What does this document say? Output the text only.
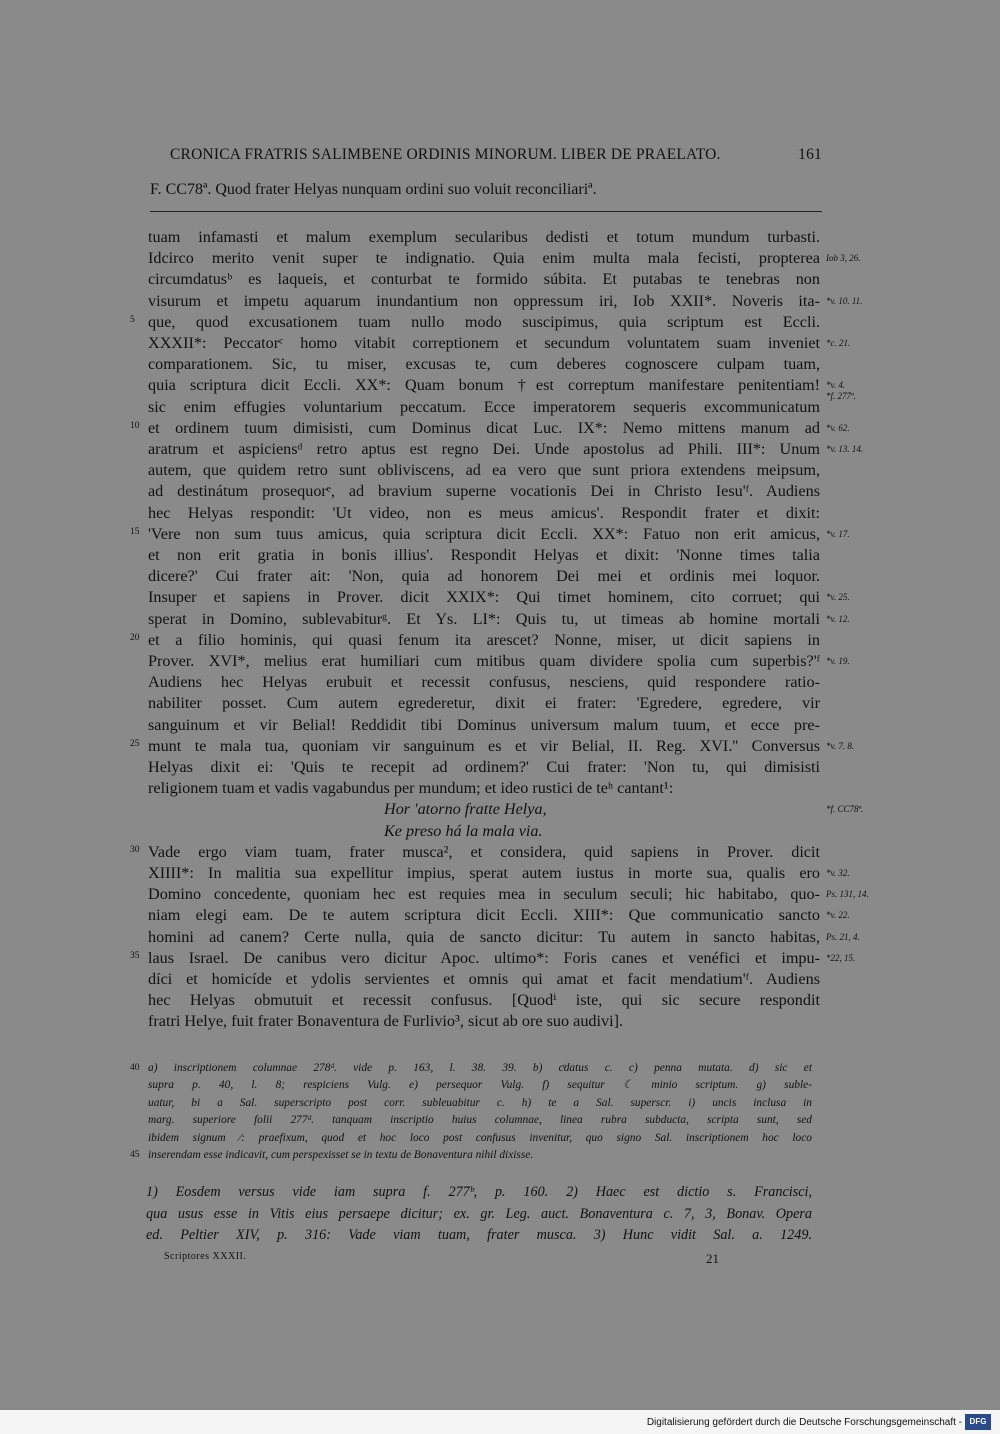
CRONICA FRATRIS SALIMBENE ORDINIS MINORUM. LIBER DE PRAELATO.	161
F. CC78ª. Quod frater Helyas nunquam ordini suo voluit reconciliariª.
tuam infamasti et malum exemplum secularibus dedisti et totum mundum turbasti.
Idcirco merito venit super te indignatio. Quia enim multa mala fecisti, propterea
circumdatusᵇ es laqueis, et conturbat te formido súbita. Et putabas te tenebras non
visurum et impetu aquarum inundantium non oppressum iri, Iob XXII*. Noveris ita-
que, quod excusationem tuam nullo modo suscipimus, quia scriptum est Eccli.
XXXII*: Peccatorᶜ homo vitabit correptionem et secundum voluntatem suam inveniet
comparationem. Sic, tu miser, excusas te, cum deberes cognoscere culpam tuam,
quia scriptura dicit Eccli. XX*: Quam bonum †est correptum manifestare penitentiam!
sic enim effugies voluntarium peccatum. Ecce imperatorem sequeris excommunicatum
et ordinem tuum dimisisti, cum Dominus dicat Luc. IX*: Nemo mittens manum ad
aratrum et aspiciensᵈ retro aptus est regno Dei. Unde apostolus ad Phili. III*: Unum
autem, que quidem retro sunt obliviscens, ad ea vero que sunt priora extendens meipsum,
ad destinátum prosequorᵉ, ad bravium superne vocationis Dei in Christo Iesu'ᶠ. Audiens
hec Helyas respondit: 'Ut video, non es meus amicus'. Respondit frater et dixit:
'Vere non sum tuus amicus, quia scriptura dicit Eccli. XX*: Fatuo non erit amicus,
et non erit gratia in bonis illius'. Respondit Helyas et dixit: 'Nonne times talia
dicere?' Cui frater ait: 'Non, quia ad honorem Dei mei et ordinis mei loquor.
Insuper et sapiens in Prover. dicit XXIX*: Qui timet hominem, cito corruet; qui
sperat in Domino, sublevabiturᵍ. Et Ys. LI*: Quis tu, ut timeas ab homine mortali
et a filio hominis, qui quasi fenum ita arescet? Nonne, miser, ut dicit sapiens in
Prover. XVI*, melius erat humiliari cum mitibus quam dividere spolia cum superbis?'ᶠ
Audiens hec Helyas erubuit et recessit confusus, nesciens, quid respondere ratio-
nabiliter posset. Cum autem egrederetur, dixit ei frater: 'Egredere, egredere, vir
sanguinum et vir Belial! Reddidit tibi Dominus universum malum tuum, et ecce pre-
munt te mala tua, quoniam vir sanguinum es et vir Belial, II. Reg. XVI.'' Conversus
Helyas dixit ei: 'Quis te recepit ad ordinem?' Cui frater: 'Non tu, qui dimisisti
religionem tuam et vadis vagabundus per mundum; et ideo rustici de teʰ cantant¹:
Hor 'atorno fratte Helya,
Ke preso há la mala via.
Vade ergo viam tuam, frater musca², et considera, quid sapiens in Prover. dicit
XIIII*: In malitia sua expellitur impius, sperat autem iustus in morte sua, qualis ero
Domino concedente, quoniam hec est requies mea in seculum seculi; hic habitabo, quo-
niam elegi eam. De te autem scriptura dicit Eccli. XIII*: Que communicatio sancto
homini ad canem? Certe nulla, quia de sancto dicitur: Tu autem in sancto habitas,
laus Israel. De canibus vero dicitur Apoc. ultimo*: Foris canes et venéfici et impu-
díci et homicíde et ydolis servientes et omnis qui amat et facit mendatium'ᶠ. Audiens
hec Helyas obmutuit et recessit confusus. [Quodⁱ iste, qui sic secure respondit
fratri Helye, fuit frater Bonaventura de Furlivio³, sicut ab ore suo audivi].
5
10
15
20
25
30
35
40
45
Iob 3, 26.
*v. 10. 11.
*c. 21.
*v. 4.
*f. 277ª.
*v. 62.
*v. 13. 14.
*v. 17.
*v. 25.
*v. 12.
*v. 19.
*v. 7. 8.
*f. CC78ª.
*v. 32.
Ps. 131, 14.
*v. 22.
Ps. 21, 4.
*22, 15.
a) inscriptionem columnae 278ᵈ. vide p. 163, l. 38. 39. b) cͦdatus c. c) penna mutata. d) sic et
supra p. 40, l. 8; respiciens Vulg. e) persequor Vulg. f) sequitur ☾ minio scriptum. g) suble-
uatur, bi a Sal. superscripto post corr. subleuabitur c. h) te a Sal. superscr. i) uncis inclusa in
marg. superiore folii 277ᵈ. tanquam inscriptio huius columnae, linea rubra subducta, scripta sunt, sed
ibidem signum ⁄: praefixum, quod et hoc loco post confusus invenitur, quo signo Sal. inscriptionem hoc loco
inserendam esse indicavit, cum perspexisset se in textu de Bonaventura nihil dixisse.
1) Eosdem versus vide iam supra f. 277ᵇ, p. 160. 2) Haec est dictio s. Francisci,
qua usus esse in Vitis eius persaepe dicitur; ex. gr. Leg. auct. Bonaventura c. 7, 3, Bonav. Opera
ed. Peltier XIV, p. 316: Vade viam tuam, frater musca. 3) Hunc vidit Sal. a. 1249.
Scriptores XXXII.	21
Digitalisierung gefördert durch die Deutsche Forschungsgemeinschaft - DFG
